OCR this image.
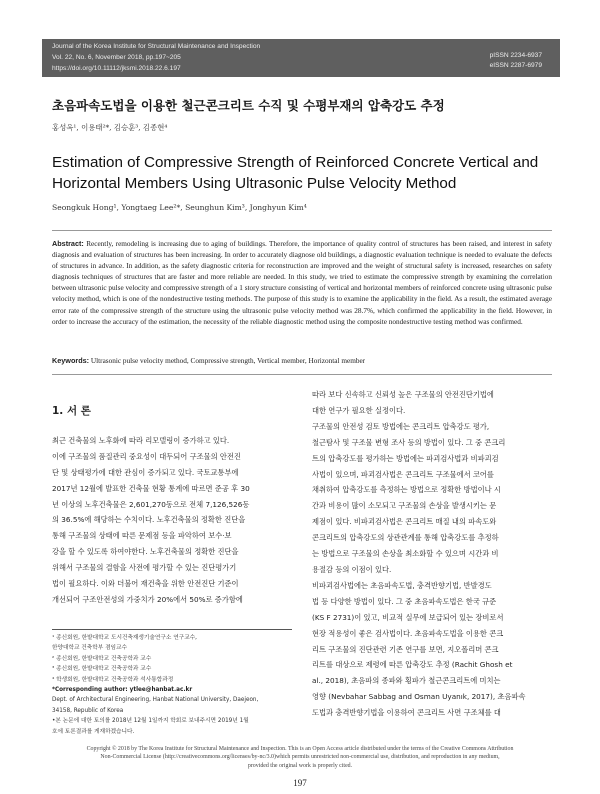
Journal of the Korea Institute for Structural Maintenance and Inspection
Vol. 22, No. 6, November 2018, pp.197~205
https://doi.org/10.11112/jksmi.2018.22.6.197
pISSN 2234-6937
eISSN 2287-6979
초음파속도법을 이용한 철근콘크리트 수직 및 수평부재의 압축강도 추정
홍성옥¹, 이용태²*, 김승훈³, 김종현⁴
Estimation of Compressive Strength of Reinforced Concrete Vertical and
Horizontal Members Using Ultrasonic Pulse Velocity Method
Seongkuk Hong¹, Yongtaeg Lee²*, Seunghun Kim³, Jonghyun Kim⁴
Abstract: Recently, remodeling is increasing due to aging of buildings. Therefore, the importance of quality control of structures has been raised, and interest in safety diagnosis and evaluation of structures has been increasing. In order to accurately diagnose old buildings, a diagnostic evaluation technique is needed to evaluate the defects of structures in advance. In addition, as the safety diagnostic criteria for reconstruction are improved and the weight of structural safety is increased, researches on safety diagnosis techniques of structures that are faster and more reliable are needed. In this study, we tried to estimate the compressive strength by examining the correlation between ultrasonic pulse velocity and compressive strength of a 1 story structure consisting of vertical and horizontal members of reinforced concrete using ultrasonic pulse velocity method, which is one of the nondestructive testing methods. The purpose of this study is to examine the applicability in the field. As a result, the estimated average error rate of the compressive strength of the structure using the ultrasonic pulse velocity method was 28.7%, which confirmed the applicability in the field. However, in order to increase the accuracy of the estimation, the necessity of the reliable diagnostic method using the composite nondestructive testing method was confirmed.
Keywords: Ultrasonic pulse velocity method, Compressive strength, Vertical member, Horizontal member
1. 서 론

최근 건축물의 노후화에 따라 리모델링이 증가하고 있다.

이에 구조물의 품질관리 중요성이 대두되어 구조물의 안전진

단 및 상태평가에 대한 관심이 증가되고 있다. 국토교통부에

2017년 12월에 발표한 건축물 현황 통계에 따르면 준공 후 30

년 이상의 노후건축물은 2,601,270동으로 전체 7,126,526동

의 36.5%에 해당하는 수치이다. 노후건축물의 정확한 진단을

통해 구조물의 상태에 따른 문제점 등을 파악하여 보수·보

강을 할 수 있도록 하여야한다. 노후건축물의 정확한 진단을

위해서 구조물의 결함을 사전에 평가할 수 있는 진단평가기

법이 필요하다. 이와 더불어 재건축을 위한 안전진단 기준이

개선되어 구조안전성의 가중치가 20%에서 50%로 증가함에

따라 보다 신속하고 신뢰성 높은 구조물의 안전진단기법에

대한 연구가 필요한 실정이다.

구조물의 안전성 검토 방법에는 콘크리트 압축강도 평가,

철근탐사 및 구조물 변형 조사 등의 방법이 있다. 그 중 콘크리

트의 압축강도를 평가하는 방법에는 파괴검사법과 비파괴검

사법이 있으며, 파괴검사법은 콘크리트 구조물에서 코어를

채취하여 압축강도를 측정하는 방법으로 정확한 방법이나 시

간과 비용이 많이 소모되고 구조물의 손상을 발생시키는 문

제점이 있다. 비파괴검사법은 콘크리트 매질 내의 파속도와

콘크리트의 압축강도의 상관관계를 통해 압축강도를 추정하

는 방법으로 구조물의 손상을 최소화할 수 있으며 시간과 비

용절감 등의 이점이 있다.

비파괴검사법에는 초음파속도법, 충격반향기법, 반발경도

법 등 다양한 방법이 있다. 그 중 초음파속도법은 한국 규준

(KS F 2731)이 있고, 비교적 실무에 보급되어 있는 장비로서

현장 적용성이 좋은 검사법이다. 초음파속도법을 이용한 콘크

리트 구조물의 진단관련 기존 연구를 보면, 지오폴리머 콘크

리트를 대상으로 제령에 따른 압축강도 추정 (Rachit Ghosh et

al., 2018), 초음파의 종파와 횡파가 철근콘크리트에 미치는

영향 (Nevbahar Sabbag and Osman Uyanık, 2017), 초음파속

도법과 충격반향기법을 이용하여 콘크리트 사면 구조체를 대

¹ 종신회원, 한밭대학교 도시건축재생기술연구소 연구교수,
한양대학교 건축학부 겸임교수
² 종신회원, 한밭대학교 건축공학과 교수
³ 종신회원, 한밭대학교 건축공학과 교수
⁴ 학생회원, 한밭대학교 건축공학과 석사통합과정
*Corresponding author: ytlee@hanbat.ac.kr
Dept. of Architectural Engineering, Hanbat National University, Daejeon,
34158, Republic of Korea
•본 논문에 대한 토의를 2018년 12월 1일까지 학회로 보내주시면 2019년 1월
호에 토론결과를 게재하겠습니다.
Copyright © 2018 by The Korea Institute for Structural Maintenance and Inspection. This is an Open Access article distributed under the terms of the Creative Commons Attribution
Non-Commercial License (http://creativecommons.org/licenses/by-nc/3.0)which permits unrestricted non-commercial use, distribution, and reproduction in any medium,
provided the original work is properly cited.
197
